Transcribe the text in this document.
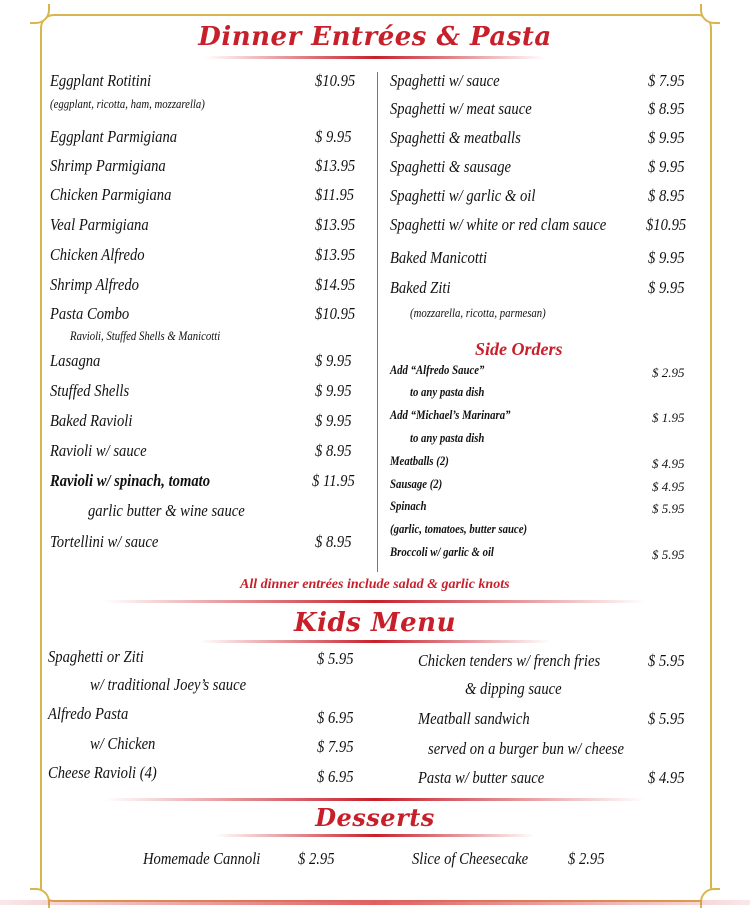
Dinner Entrées & Pasta
Eggplant Rotitini	$10.95
(eggplant, ricotta, ham, mozzarella)
Eggplant Parmigiana	$ 9.95
Shrimp Parmigiana	$13.95
Chicken Parmigiana	$11.95
Veal Parmigiana	$13.95
Chicken Alfredo	$13.95
Shrimp Alfredo	$14.95
Pasta Combo	$10.95
Ravioli, Stuffed Shells & Manicotti
Lasagna	$ 9.95
Stuffed Shells	$ 9.95
Baked Ravioli	$ 9.95
Ravioli w/ sauce	$ 8.95
Ravioli w/ spinach, tomato	$ 11.95
garlic butter & wine sauce
Tortellini w/ sauce	$ 8.95
Spaghetti w/ sauce	$ 7.95
Spaghetti w/ meat sauce	$ 8.95
Spaghetti & meatballs	$ 9.95
Spaghetti & sausage	$ 9.95
Spaghetti w/ garlic & oil	$ 8.95
Spaghetti w/ white or red clam sauce $10.95
Baked Manicotti	$ 9.95
Baked Ziti	$ 9.95
(mozzarella, ricotta, parmesan)
Side Orders
Add “Alfredo Sauce”	$ 2.95
to any pasta dish
Add “Michael’s Marinara”	$ 1.95
to any pasta dish
Meatballs (2)	$ 4.95
Sausage (2)	$ 4.95
Spinach	$ 5.95
(garlic, tomatoes, butter sauce)
Broccoli w/ garlic & oil	$ 5.95
All dinner entrées include salad & garlic knots
Kids Menu
Spaghetti or Ziti	$ 5.95
w/ traditional Joey’s sauce
Alfredo Pasta	$ 6.95
w/ Chicken	$ 7.95
Cheese Ravioli (4)	$ 6.95
Chicken tenders w/ french fries	$ 5.95
& dipping sauce
Meatball sandwich	$ 5.95
served on a burger bun w/ cheese
Pasta w/ butter sauce	$ 4.95
Desserts
Homemade Cannoli $ 2.95	Slice of Cheesecake $ 2.95
